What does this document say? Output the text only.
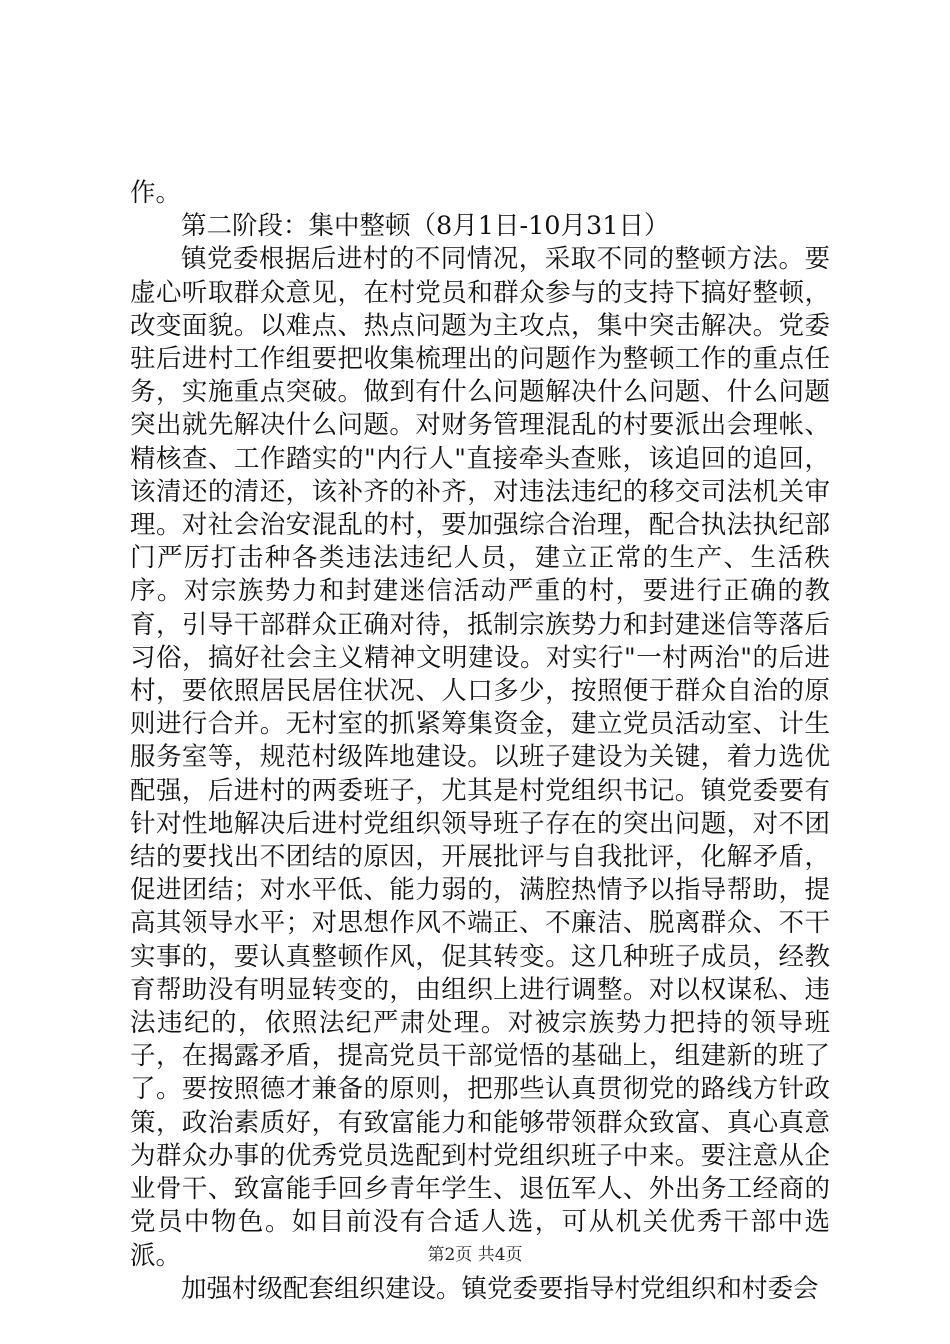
作。

第二阶段：集中整顿（8月1日-10月31日）

镇党委根据后进村的不同情况，采取不同的整顿方法。要虚心听取群众意见，在村党员和群众参与的支持下搞好整顿，改变面貌。以难点、热点问题为主攻点，集中突击解决。党委驻后进村工作组要把收集梳理出的问题作为整顿工作的重点任务，实施重点突破。做到有什么问题解决什么问题、什么问题突出就先解决什么问题。对财务管理混乱的村要派出会理帐、精核查、工作踏实的"内行人"直接牵头查账，该追回的追回，该清还的清还，该补齐的补齐，对违法违纪的移交司法机关审理。对社会治安混乱的村，要加强综合治理，配合执法执纪部门严厉打击种各类违法违纪人员，建立正常的生产、生活秩序。对宗族势力和封建迷信活动严重的村，要进行正确的教育，引导干部群众正确对待，抵制宗族势力和封建迷信等落后习俗，搞好社会主义精神文明建设。对实行"一村两治"的后进村，要依照居民居住状况、人口多少，按照便于群众自治的原则进行合并。无村室的抓紧筹集资金，建立党员活动室、计生服务室等，规范村级阵地建设。以班子建设为关键，着力选优配强，后进村的两委班子，尤其是村党组织书记。镇党委要有针对性地解决后进村党组织领导班子存在的突出问题，对不团结的要找出不团结的原因，开展批评与自我批评，化解矛盾，促进团结；对水平低、能力弱的，满腔热情予以指导帮助，提高其领导水平；对思想作风不端正、不廉洁、脱离群众、不干实事的，要认真整顿作风，促其转变。这几种班子成员，经教育帮助没有明显转变的，由组织上进行调整。对以权谋私、违法违纪的，依照法纪严肃处理。对被宗族势力把持的领导班子，在揭露矛盾，提高党员干部觉悟的基础上，组建新的班了了。要按照德才兼备的原则，把那些认真贯彻党的路线方针政策，政治素质好，有致富能力和能够带领群众致富、真心真意为群众办事的优秀党员选配到村党组织班子中来。要注意从企业骨干、致富能手回乡青年学生、退伍军人、外出务工经商的党员中物色。如目前没有合适人选，可从机关优秀干部中选派。

加强村级配套组织建设。镇党委要指导村党组织和村委会

第2页 共4页
